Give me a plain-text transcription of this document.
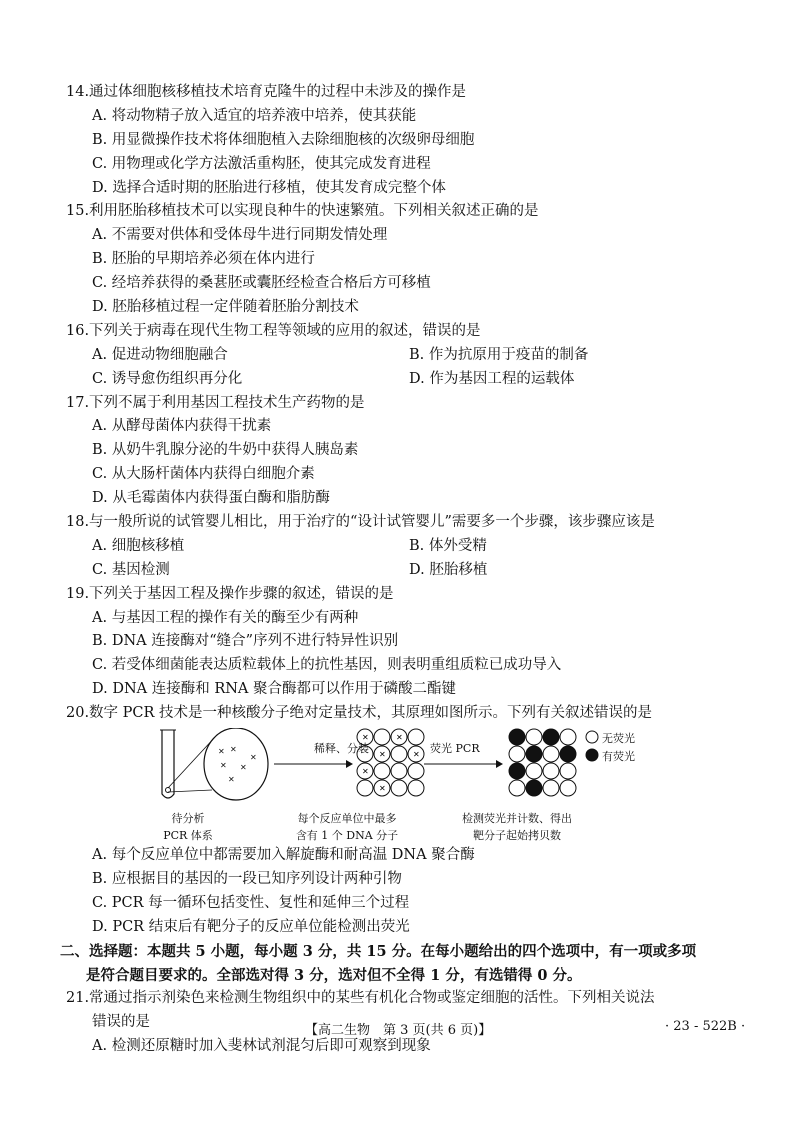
14.通过体细胞核移植技术培育克隆牛的过程中未涉及的操作是
A. 将动物精子放入适宜的培养液中培养，使其获能
B. 用显微操作技术将体细胞植入去除细胞核的次级卵母细胞
C. 用物理或化学方法激活重构胚，使其完成发育进程
D. 选择合适时期的胚胎进行移植，使其发育成完整个体
15.利用胚胎移植技术可以实现良种牛的快速繁殖。下列相关叙述正确的是
A. 不需要对供体和受体母牛进行同期发情处理
B. 胚胎的早期培养必须在体内进行
C. 经培养获得的桑葚胚或囊胚经检查合格后方可移植
D. 胚胎移植过程一定伴随着胚胎分割技术
16.下列关于病毒在现代生物工程等领域的应用的叙述，错误的是
A. 促进动物细胞融合	B. 作为抗原用于疫苗的制备
C. 诱导愈伤组织再分化	D. 作为基因工程的运载体
17.下列不属于利用基因工程技术生产药物的是
A. 从酵母菌体内获得干扰素
B. 从奶牛乳腺分泌的牛奶中获得人胰岛素
C. 从大肠杆菌体内获得白细胞介素
D. 从毛霉菌体内获得蛋白酶和脂肪酶
18.与一般所说的试管婴儿相比，用于治疗的“设计试管婴儿”需要多一个步骤，该步骤应该是
A. 细胞核移植	B. 体外受精
C. 基因检测	D. 胚胎移植
19.下列关于基因工程及操作步骤的叙述，错误的是
A. 与基因工程的操作有关的酶至少有两种
B. DNA 连接酶对“缝合”序列不进行特异性识别
C. 若受体细菌能表达质粒载体上的抗性基因，则表明重组质粒已成功导入
D. DNA 连接酶和 RNA 聚合酶都可以作用于磷酸二酯键
20.数字 PCR 技术是一种核酸分子绝对定量技术，其原理如图所示。下列有关叙述错误的是
✕ ✕
✕ ✕
✕
✕
✕	✕
✕	✕
✕
✕
稀释、分装	荧光 PCR
无荧光
有荧光
待分析
PCR 体系
每个反应单位中最多
含有 1 个 DNA 分子
检测荧光并计数、得出
靶分子起始拷贝数
A. 每个反应单位中都需要加入解旋酶和耐高温 DNA 聚合酶
B. 应根据目的基因的一段已知序列设计两种引物
C. PCR 每一循环包括变性、复性和延伸三个过程
D. PCR 结束后有靶分子的反应单位能检测出荧光
二、选择题：本题共 5 小题，每小题 3 分，共 15 分。在每小题给出的四个选项中，有一项或多项
是符合题目要求的。全部选对得 3 分，选对但不全得 1 分，有选错得 0 分。
21.常通过指示剂染色来检测生物组织中的某些有机化合物或鉴定细胞的活性。下列相关说法
错误的是
A. 检测还原糖时加入斐林试剂混匀后即可观察到现象
【高二生物　第 3 页(共 6 页)】	· 23 - 522B ·
